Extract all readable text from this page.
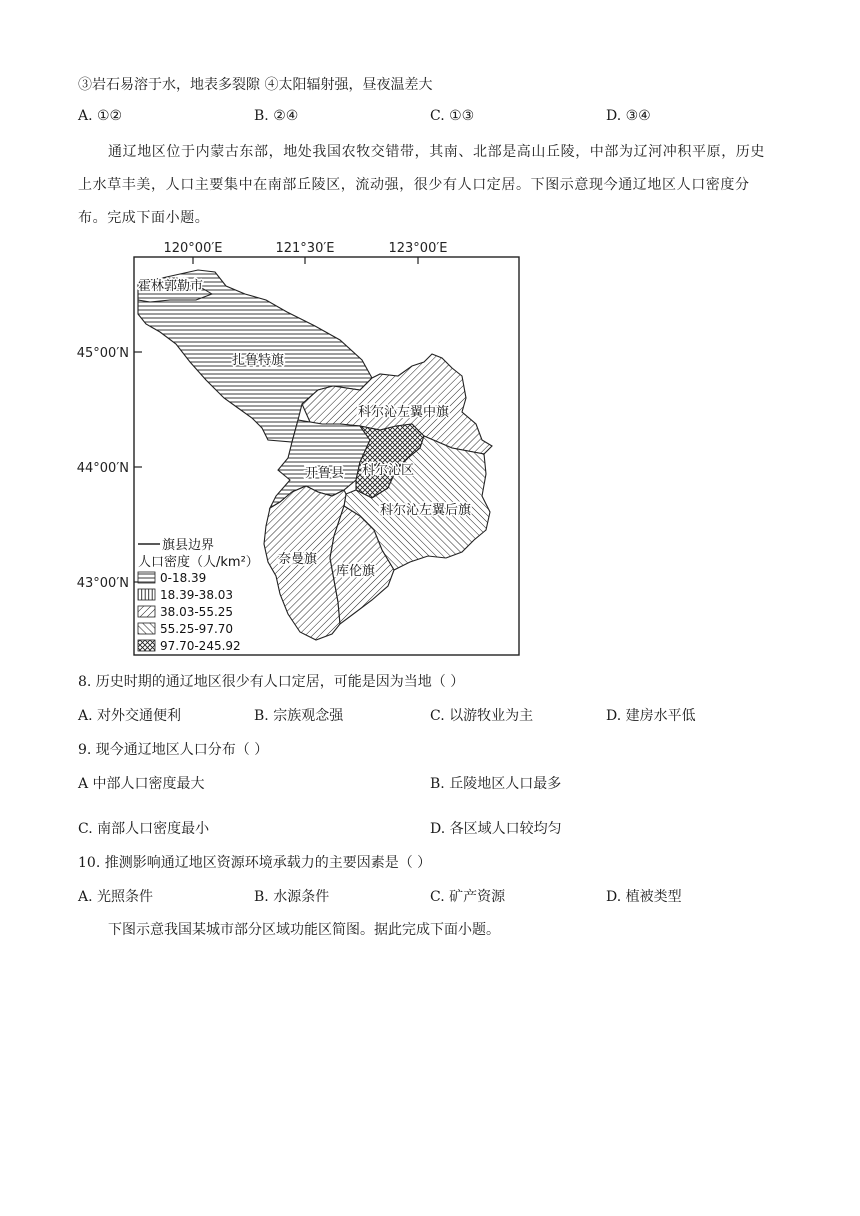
③岩石易溶于水，地表多裂隙 ④太阳辐射强，昼夜温差大
A. ①②	B. ②④	C. ①③	D. ③④
通辽地区位于内蒙古东部，地处我国农牧交错带，其南、北部是高山丘陵，中部为辽河冲积平原，历史上水草丰美，人口主要集中在南部丘陵区，流动强，很少有人口定居。下图示意现今通辽地区人口密度分布。完成下面小题。
120°00′E	121°30′E	123°00′E
45°00′N
44°00′N
43°00′N
霍林郭勒市
扎鲁特旗
科尔沁左翼中旗
开鲁县 科尔沁区
科尔沁左翼后旗
奈曼旗
库伦旗
旗县边界
人口密度（人/km²）
0-18.39
18.39-38.03
38.03-55.25
55.25-97.70
97.70-245.92
8. 历史时期的通辽地区很少有人口定居，可能是因为当地（ ）
A. 对外交通便利	B. 宗族观念强	C. 以游牧业为主	D. 建房水平低
9. 现今通辽地区人口分布（ ）
A 中部人口密度最大	B. 丘陵地区人口最多
C. 南部人口密度最小	D. 各区域人口较均匀
10. 推测影响通辽地区资源环境承载力的主要因素是（ ）
A. 光照条件	B. 水源条件	C. 矿产资源	D. 植被类型
下图示意我国某城市部分区域功能区简图。据此完成下面小题。
